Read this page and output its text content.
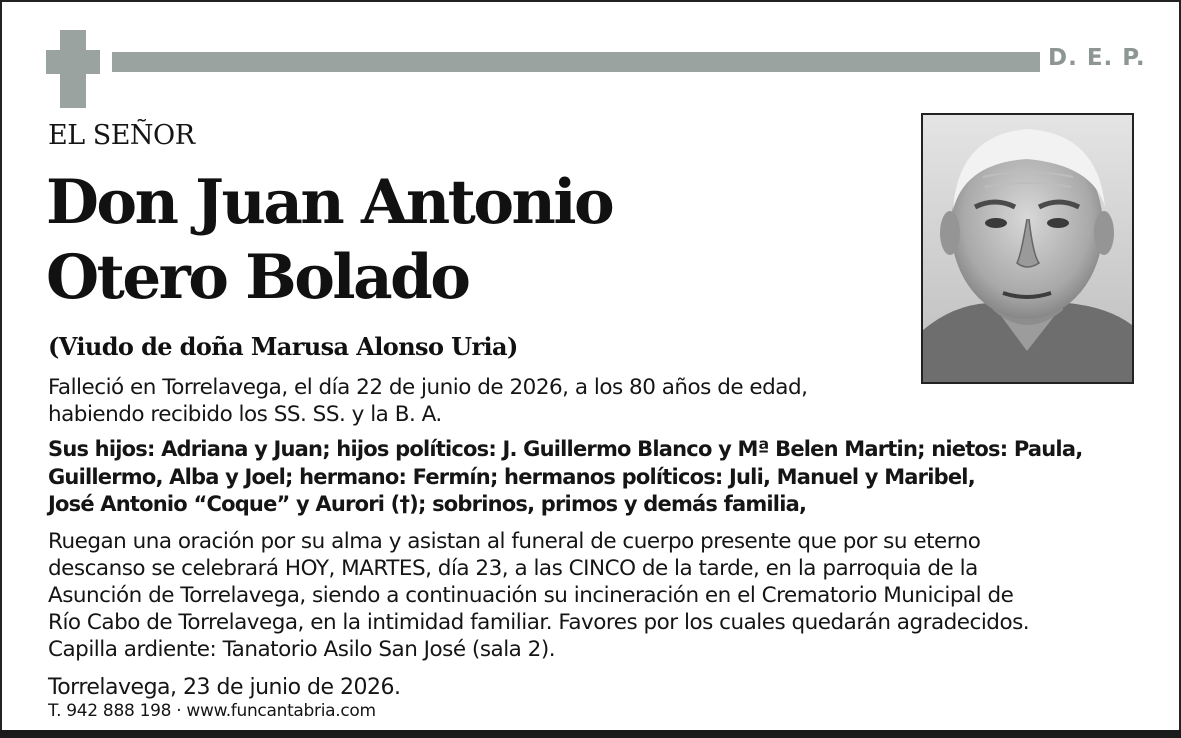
D. E. P.
EL SEÑOR
Don Juan Antonio
Otero Bolado
(Viudo de doña Marusa Alonso Uria)
Falleció en Torrelavega, el día 22 de junio de 2026, a los 80 años de edad,
habiendo recibido los SS. SS. y la B. A.
Sus hijos: Adriana y Juan; hijos políticos: J. Guillermo Blanco y Mª Belen Martin; nietos: Paula,
Guillermo, Alba y Joel; hermano: Fermín; hermanos políticos: Juli, Manuel y Maribel,
José Antonio “Coque” y Aurori (†); sobrinos, primos y demás familia,
Ruegan una oración por su alma y asistan al funeral de cuerpo presente que por su eterno
descanso se celebrará HOY, MARTES, día 23, a las CINCO de la tarde, en la parroquia de la
Asunción de Torrelavega, siendo a continuación su incineración en el Crematorio Municipal de
Río Cabo de Torrelavega, en la intimidad familiar. Favores por los cuales quedarán agradecidos.
Capilla ardiente: Tanatorio Asilo San José (sala 2).
Torrelavega, 23 de junio de 2026.
T. 942 888 198 · www.funcantabria.com
